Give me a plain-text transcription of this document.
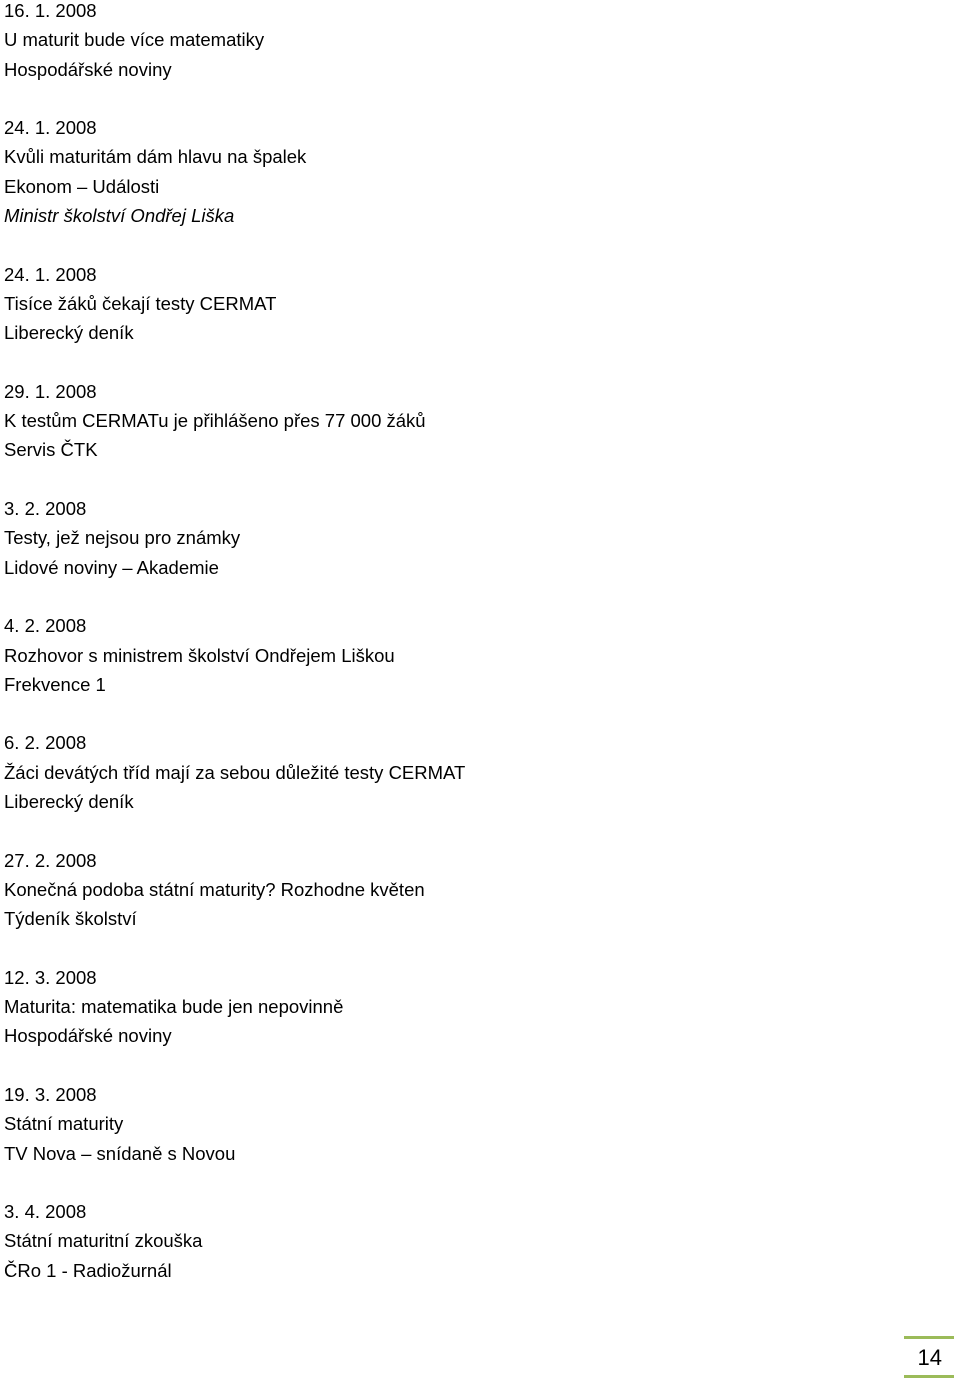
16. 1. 2008
U maturit bude více matematiky
Hospodářské noviny
24. 1. 2008
Kvůli maturitám dám hlavu na špalek
Ekonom – Události
Ministr školství Ondřej Liška
24. 1. 2008
Tisíce žáků čekají testy CERMAT
Liberecký deník
29. 1. 2008
K testům CERMATu je přihlášeno přes 77 000 žáků
Servis ČTK
3. 2. 2008
Testy, jež nejsou pro známky
Lidové noviny – Akademie
4. 2. 2008
Rozhovor s ministrem školství Ondřejem Liškou
Frekvence 1
6. 2. 2008
Žáci devátých tříd mají za sebou důležité testy CERMAT
Liberecký deník
27. 2. 2008
Konečná podoba státní maturity? Rozhodne květen
Týdeník školství
12. 3. 2008
Maturita: matematika bude jen nepovinně
Hospodářské noviny
19. 3. 2008
Státní maturity
TV Nova – snídaně s Novou
3. 4. 2008
Státní maturitní zkouška
ČRo 1 - Radiožurnál
14
